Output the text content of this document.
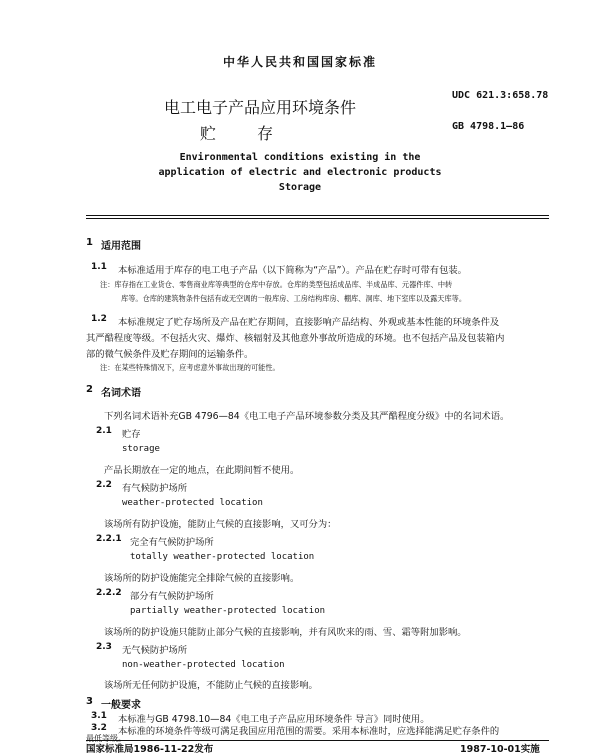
中华人民共和国国家标准
电工电子产品应用环境条件
贮 存
UDC 621.3:658.78
GB 4798.1—86
Environmental conditions existing in the
application of electric and electronic products
Storage
1 适用范围
1.1 本标准适用于库存的电工电子产品（以下简称为“产品”）。产品在贮存时可带有包装。
注：库存指在工业货仓、零售商业库等典型的仓库中存放。仓库的类型包括成品库、半成品库、元器件库、中转
库等。仓库的建筑物条件包括有或无空调的一般库房、工房结构库房、棚库、洞库、地下室库以及露天库等。
1.2 本标准规定了贮存场所及产品在贮存期间，直接影响产品结构、外观或基本性能的环境条件及
其严酷程度等级。不包括火灾、爆炸、核辐射及其他意外事故所造成的环境。也不包括产品及包装箱内
部的微气候条件及贮存期间的运输条件。
注：在某些特殊情况下，应考虑意外事故出现的可能性。
2 名词术语
下列名词术语补充GB 4796—84《电工电子产品环境参数分类及其严酷程度分级》中的名词术语。
2.1 贮存
storage
产品长期放在一定的地点，在此期间暂不使用。
2.2 有气候防护场所
weather-protected location
该场所有防护设施，能防止气候的直接影响，又可分为：
2.2.1 完全有气候防护场所
totally weather-protected location
该场所的防护设施能完全排除气候的直接影响。
2.2.2 部分有气候防护场所
partially weather-protected location
该场所的防护设施只能防止部分气候的直接影响，并有风吹来的雨、雪、霜等附加影响。
2.3 无气候防护场所
non-weather-protected location
该场所无任何防护设施，不能防止气候的直接影响。
3 一般要求
3.1 本标准与GB 4798.10—84《电工电子产品应用环境条件 导言》同时使用。
3.2 本标准的环境条件等级可满足我国应用范围的需要。采用本标准时，应选择能满足贮存条件的
最低等级。
国家标准局1986-11-22发布	1987-10-01实施
